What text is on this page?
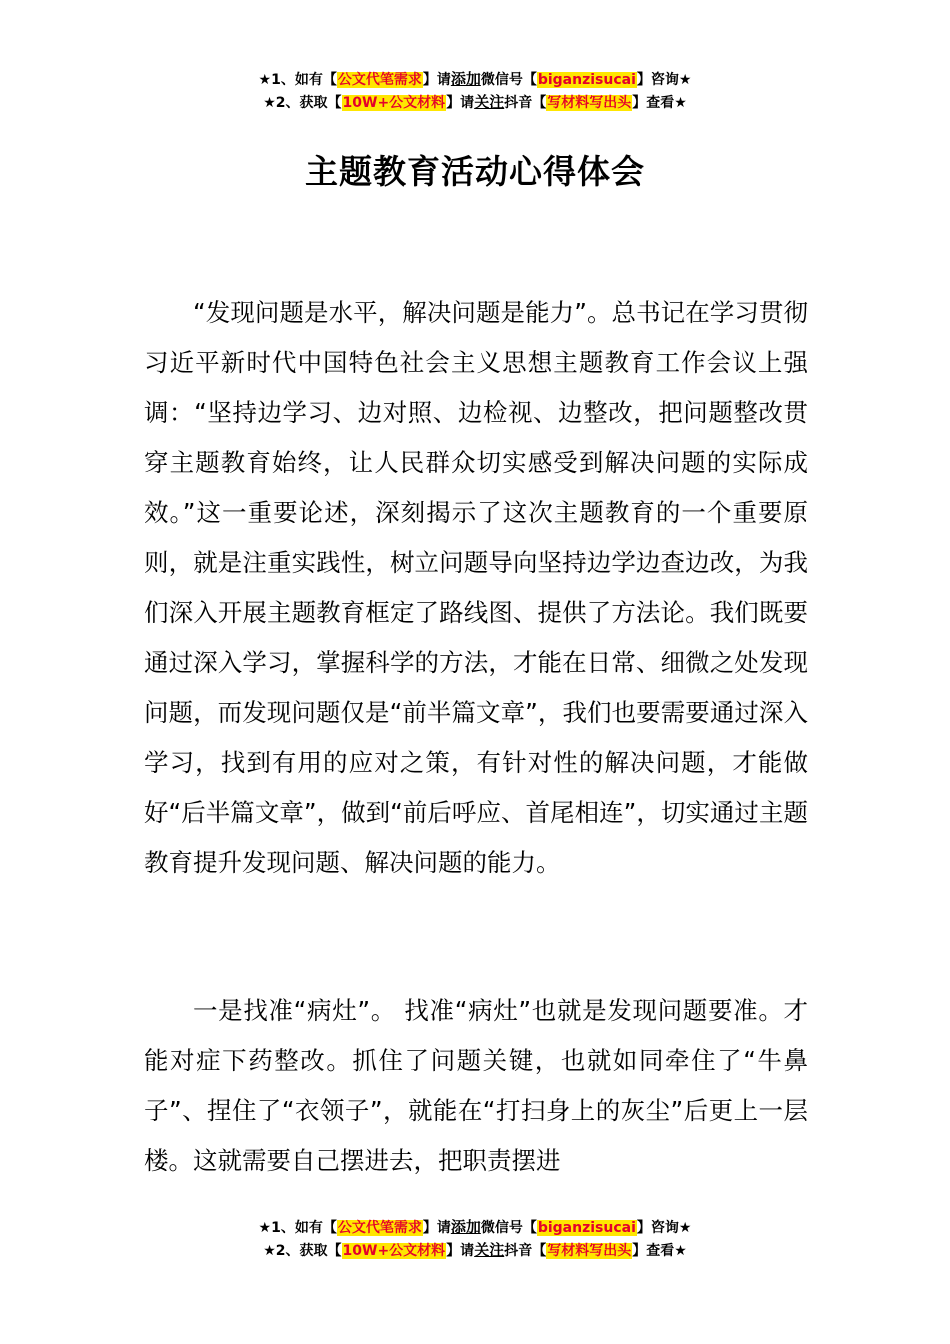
★1、如有【公文代笔需求】请添加微信号【biganzisucai】咨询★
★2、获取【10W+公文材料】请关注抖音【写材料写出头】查看★
主题教育活动心得体会

“发现问题是水平，解决问题是能力”。总书记在学习贯彻习近平新时代中国特色社会主义思想主题教育工作会议上强调：“坚持边学习、边对照、边检视、边整改，把问题整改贯穿主题教育始终，让人民群众切实感受到解决问题的实际成效。”这一重要论述，深刻揭示了这次主题教育的一个重要原则，就是注重实践性，树立问题导向坚持边学边查边改，为我们深入开展主题教育框定了路线图、提供了方法论。我们既要通过深入学习，掌握科学的方法，才能在日常、细微之处发现问题，而发现问题仅是“前半篇文章”，我们也要需要通过深入学习，找到有用的应对之策，有针对性的解决问题，才能做好“后半篇文章”，做到“前后呼应、首尾相连”，切实通过主题教育提升发现问题、解决问题的能力。

一是找准“病灶”。 找准“病灶”也就是发现问题要准。才能对症下药整改。抓住了问题关键，也就如同牵住了“牛鼻子”、捏住了“衣领子”，就能在“打扫身上的灰尘”后更上一层楼。这就需要自己摆进去，把职责摆进

★1、如有【公文代笔需求】请添加微信号【biganzisucai】咨询★
★2、获取【10W+公文材料】请关注抖音【写材料写出头】查看★
